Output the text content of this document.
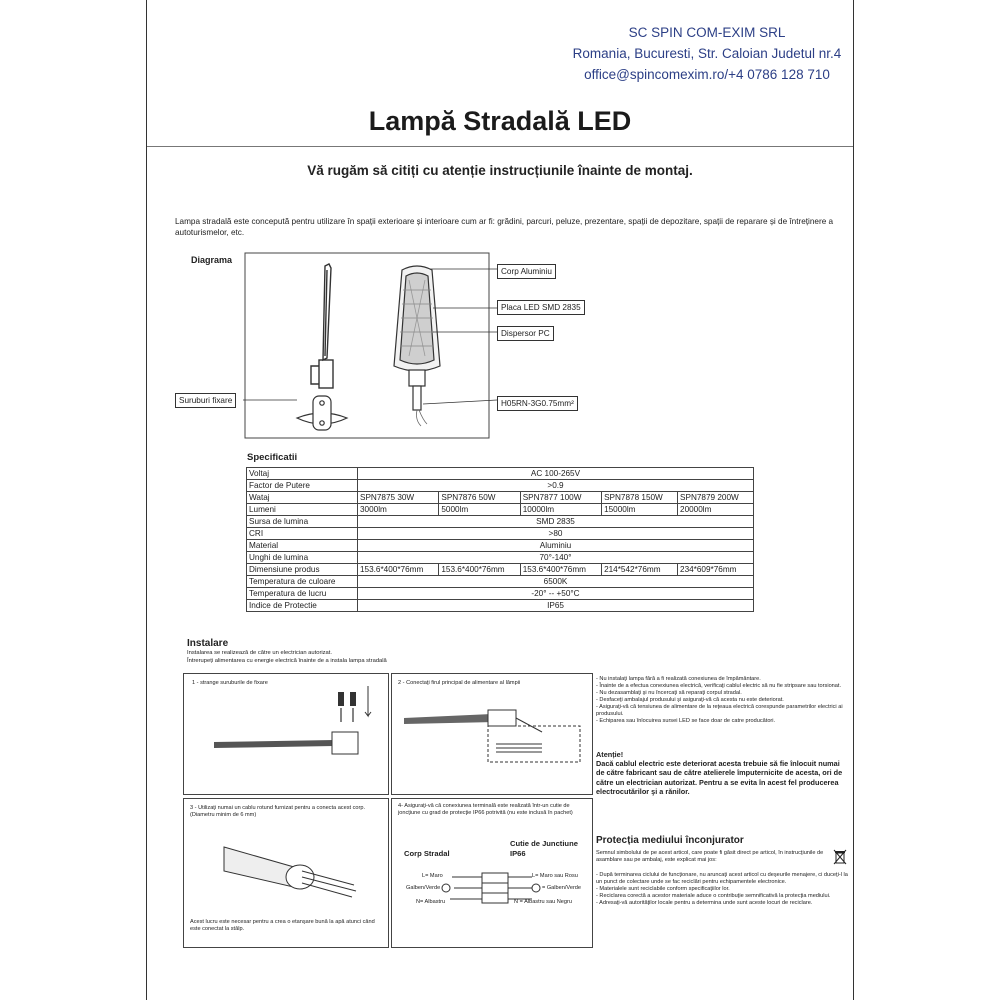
SC SPIN COM-EXIM SRL
Romania, Bucuresti, Str. Caloian Judetul nr.4
office@spincomexim.ro/+4 0786 128 710
Lampă Stradală LED
Vă rugăm să citiți cu atenție instrucțiunile înainte de montaj.
Lampa stradală este concepută pentru utilizare în spații exterioare și interioare cum ar fi: grădini, parcuri, peluze, prezentare, spații de depozitare, spații de reparare și de întreținere a autoturismelor, etc.
Diagrama
Corp Aluminiu
Placa LED SMD 2835
Dispersor PC
Suruburi fixare	H05RN-3G0.75mm²
Specificatii
Voltaj	AC 100-265V				
Factor de Putere	>0.9				
Wataj	SPN7875 30W	SPN7876 50W	SPN7877 100W	SPN7878 150W	SPN7879 200W
Lumeni	3000lm	5000lm	10000lm	15000lm	20000lm
Sursa de lumina	SMD 2835				
CRI	>80				
Material	Aluminiu				
Unghi de lumina	70°-140°				
Dimensiune produs	153.6*400*76mm	153.6*400*76mm	153.6*400*76mm	214*542*76mm	234*609*76mm
Temperatura de culoare	6500K				
Temperatura de lucru	-20° -- +50°C				
Indice de Protectie	IP65				
Instalare
Instalarea se realizează de către un electrician autorizat.
Întrerupeți alimentarea cu energie electrică înainte de a instala lampa stradală
1 - strange suruburile de fixare	2 - Conectaţi firul principal de alimentare al lămpii
3 - Utilizaţi numai un cablu rotund furnizat pentru a conecta acest corp. (Diametru minim de 6 mm)
Acest lucru este necesar pentru a crea o etanşare bună la apă atunci când este conectat la stâlp.
4- Asiguraţi-vă că conexiunea terminală este realizată într-un cutie de joncţiune cu grad de protecţie IP66 potrivită (nu este inclusă în pachet)
Corp Stradal
Cutie de Junctiune IP66
L= Maro
Galben/Verde
N= Albastru
L= Maro sau Rosu
= Galben/Verde
N = Albastru sau Negru
- Nu instalaţi lampa fără a fi realizată conexiunea de împământare.
- Înainte de a efectua conexiunea electrică, verificaţi cablul electric să nu fie stripsare sau torsionat.
- Nu dezasamblaţi şi nu încercaţi să reparaţi corpul stradal.
- Desfaceţi ambalajul produsului şi asiguraţi-vă că acesta nu este deteriorat.
- Asiguraţi-vă că tensiunea de alimentare de la reţeaua electrică corespunde parametrilor electrici ai produsului.
- Echiparea sau înlocuirea sursei LED se face doar de catre producători.
Atenție!
Dacă cablul electric este deteriorat acesta trebuie să fie înlocuit numai de către fabricant sau de către atelierele împuternicite de acesta, ori de către un electrician autorizat. Pentru a se evita în acest fel producerea electrocutărilor şi a rănilor.
Protecția mediului înconjurator
Semnul simbolului de pe acest articol, care poate fi găsit direct pe articol, în instrucţiunile de asamblare sau pe ambalaj, este explicat mai jos:
- După terminarea ciclului de funcţionare, nu aruncaţi acest articol cu deşeurile menajere, ci duceţi-l la un punct de colectare unde se fac reciclări pentru echipamentele electronice.
- Materialele sunt reciclabile conform specificaţiilor lor.
- Reciclarea corectă a acestor materiale aduce o contribuţie semnificativă la protecţia mediului.
- Adresaţi-vă autorităţilor locale pentru a determina unde sunt aceste locuri de reciclare.
